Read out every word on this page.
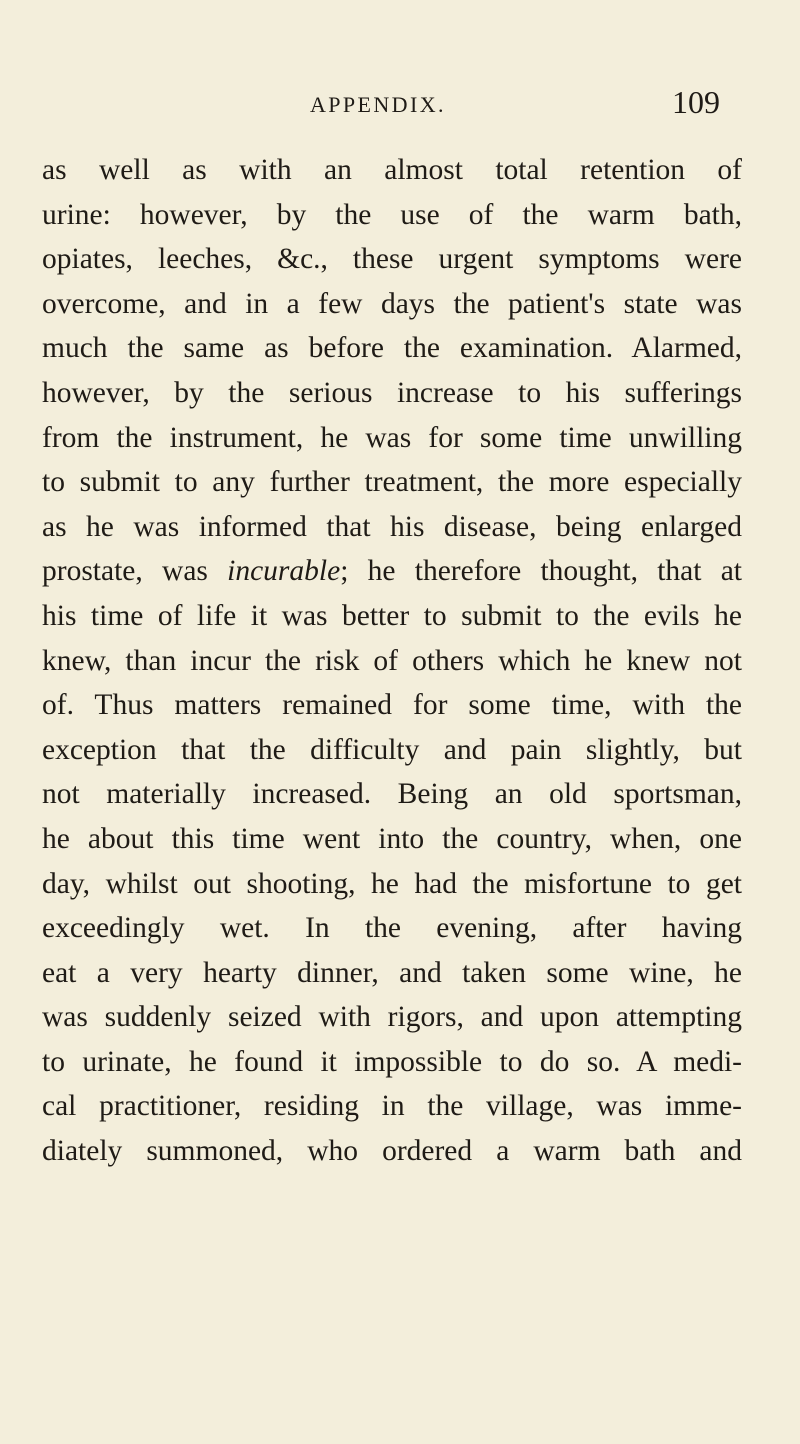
APPENDIX.	109
as well as with an almost total retention of
urine: however, by the use of the warm bath,
opiates, leeches, &c., these urgent symptoms were
overcome, and in a few days the patient's state was
much the same as before the examination. Alarmed,
however, by the serious increase to his sufferings
from the instrument, he was for some time unwilling
to submit to any further treatment, the more especially
as he was informed that his disease, being enlarged
prostate, was incurable; he therefore thought, that at
his time of life it was better to submit to the evils he
knew, than incur the risk of others which he knew not
of. Thus matters remained for some time, with the
exception that the difficulty and pain slightly, but
not materially increased. Being an old sportsman,
he about this time went into the country, when, one
day, whilst out shooting, he had the misfortune to get
exceedingly wet. In the evening, after having
eat a very hearty dinner, and taken some wine, he
was suddenly seized with rigors, and upon attempting
to urinate, he found it impossible to do so. A medi-
cal practitioner, residing in the village, was imme-
diately summoned, who ordered a warm bath and
